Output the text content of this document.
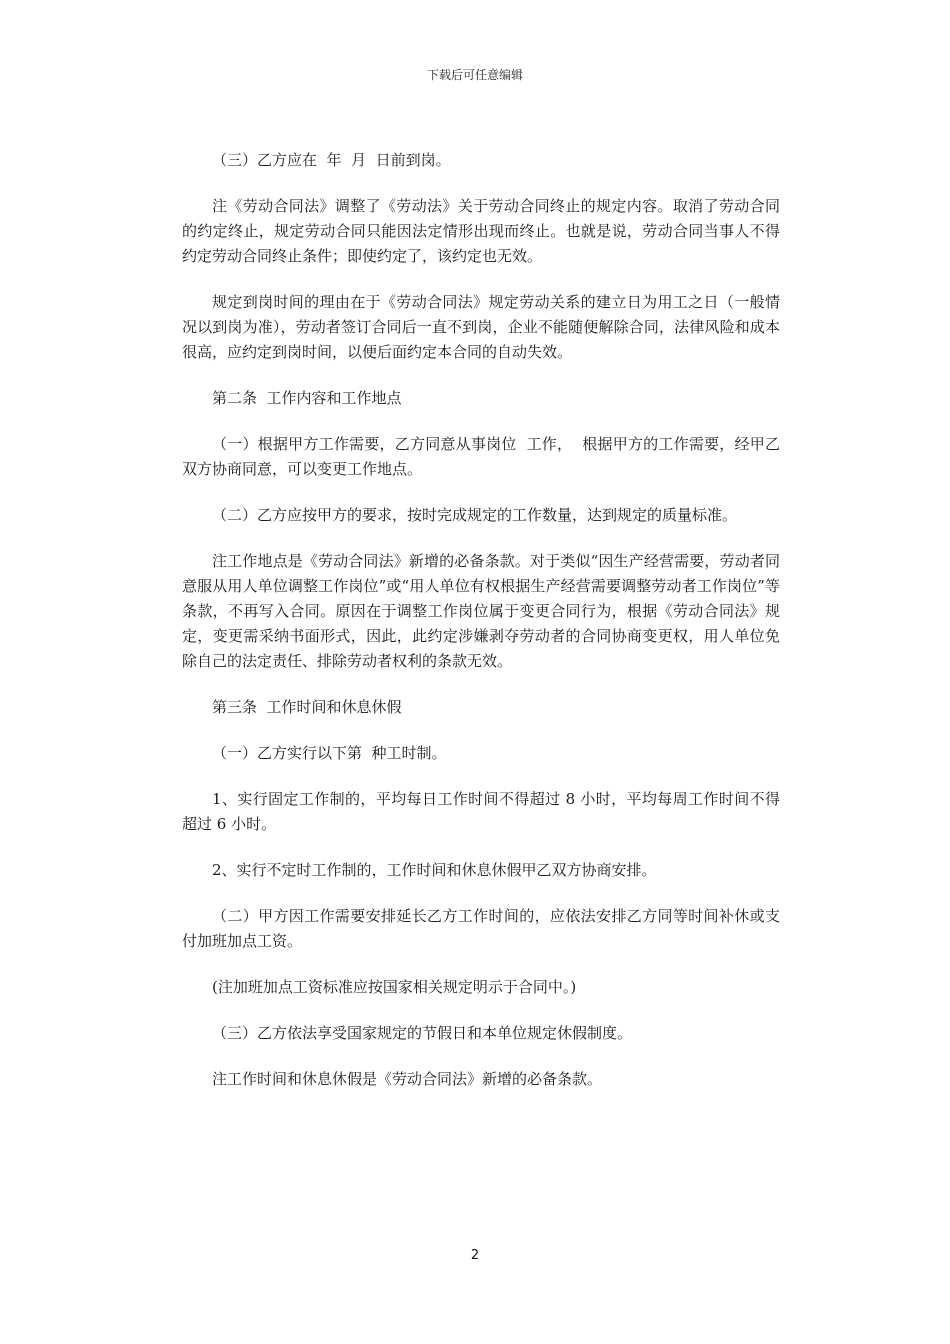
下载后可任意编辑

（三）乙方应在  年  月  日前到岗。

注《劳动合同法》调整了《劳动法》关于劳动合同终止的规定内容。取消了劳动合同的约定终止，规定劳动合同只能因法定情形出现而终止。也就是说，劳动合同当事人不得约定劳动合同终止条件；即使约定了，该约定也无效。

规定到岗时间的理由在于《劳动合同法》规定劳动关系的建立日为用工之日（一般情况以到岗为准），劳动者签订合同后一直不到岗，企业不能随便解除合同，法律风险和成本很高，应约定到岗时间，以便后面约定本合同的自动失效。

第二条  工作内容和工作地点

（一）根据甲方工作需要，乙方同意从事岗位  工作，  根据甲方的工作需要，经甲乙双方协商同意，可以变更工作地点。

（二）乙方应按甲方的要求，按时完成规定的工作数量，达到规定的质量标准。

注工作地点是《劳动合同法》新增的必备条款。对于类似“因生产经营需要，劳动者同意服从用人单位调整工作岗位”或“用人单位有权根据生产经营需要调整劳动者工作岗位”等条款，不再写入合同。原因在于调整工作岗位属于变更合同行为，根据《劳动合同法》规定，变更需采纳书面形式，因此，此约定涉嫌剥夺劳动者的合同协商变更权，用人单位免除自己的法定责任、排除劳动者权利的条款无效。

第三条  工作时间和休息休假

（一）乙方实行以下第  种工时制。

1、实行固定工作制的，平均每日工作时间不得超过 8 小时，平均每周工作时间不得超过 6 小时。

2、实行不定时工作制的，工作时间和休息休假甲乙双方协商安排。

（二）甲方因工作需要安排延长乙方工作时间的，应依法安排乙方同等时间补休或支付加班加点工资。

(注加班加点工资标准应按国家相关规定明示于合同中。)

（三）乙方依法享受国家规定的节假日和本单位规定休假制度。

注工作时间和休息休假是《劳动合同法》新增的必备条款。

2
